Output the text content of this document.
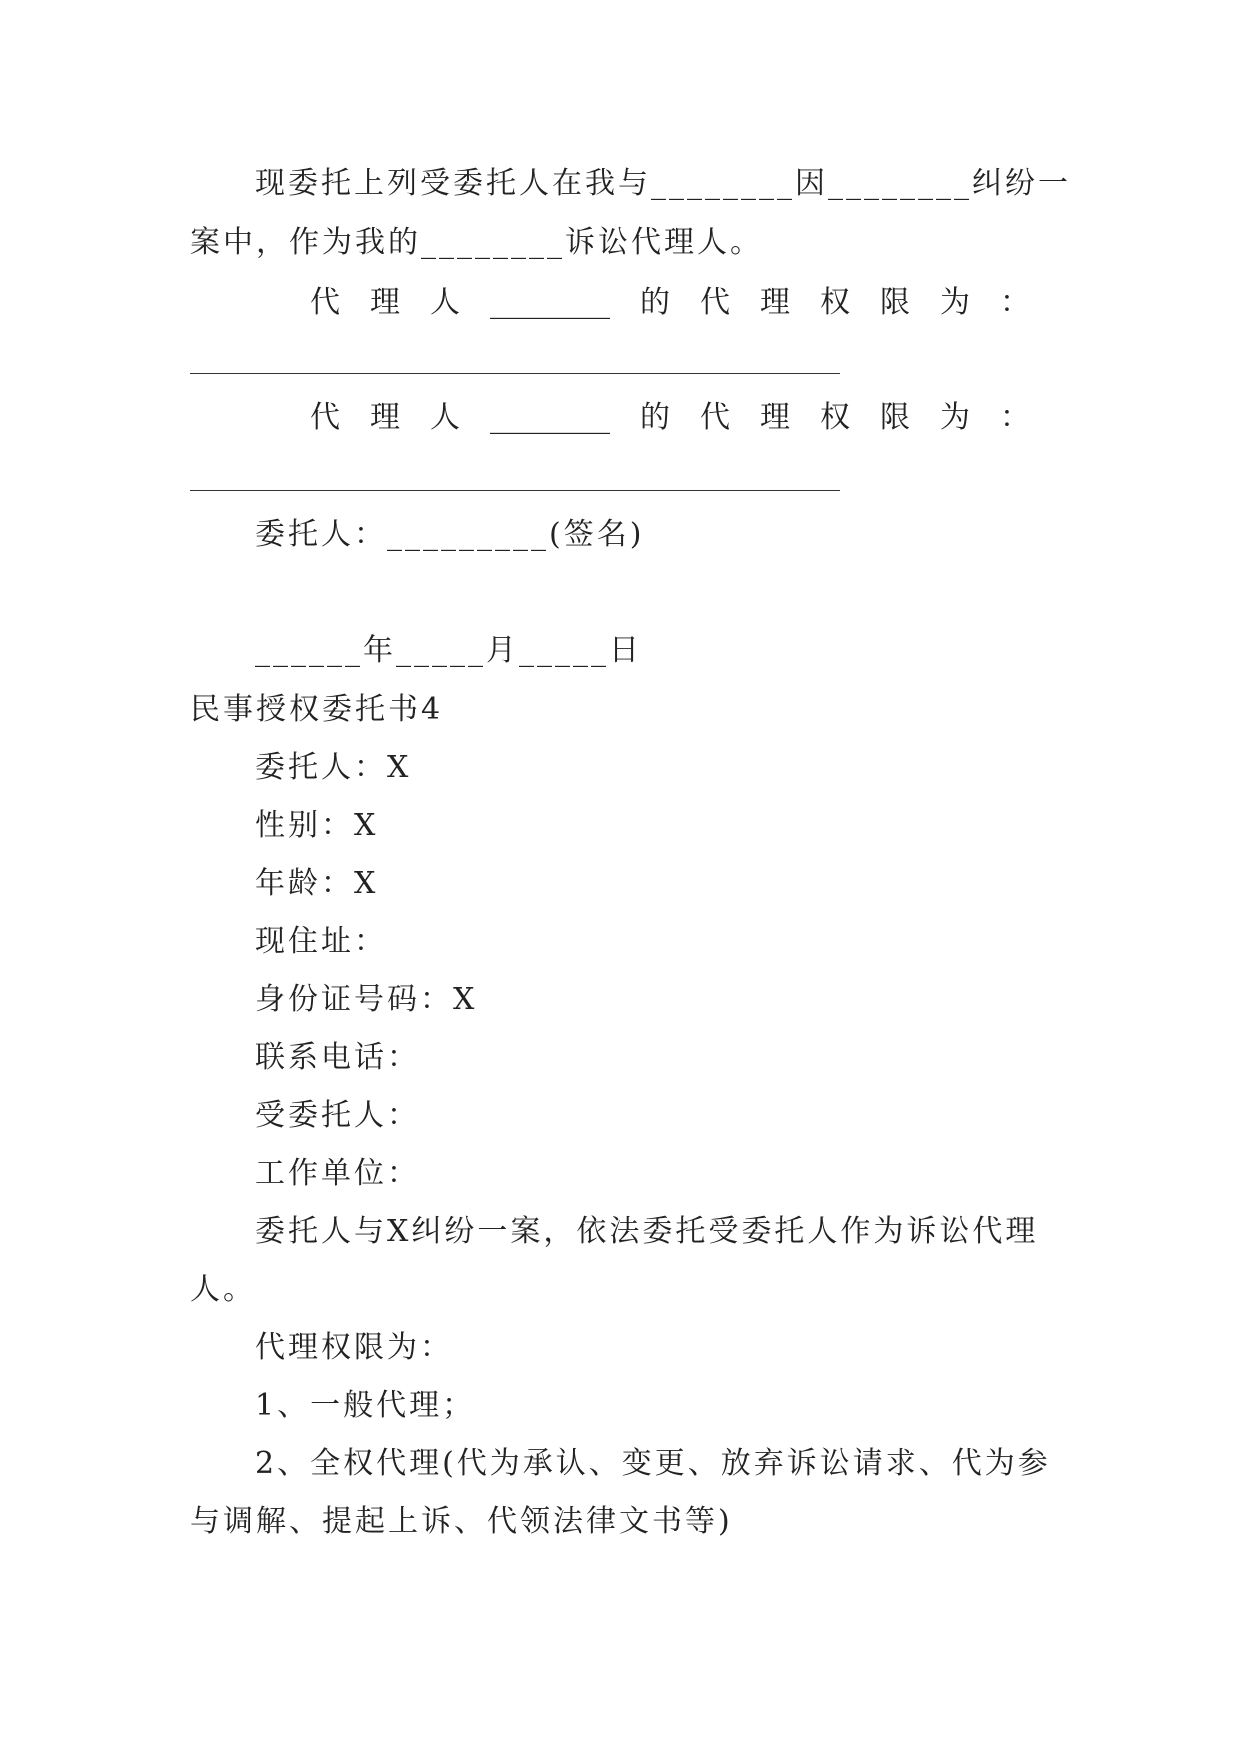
现委托上列受委托人在我与________因________纠纷一
案中，作为我的________诉讼代理人。
代 理 人 ________ 的 代 理 权 限 为 ：
代 理 人 ________ 的 代 理 权 限 为 ：
委托人：_________(签名)
______年_____月_____日
民事授权委托书4
委托人：X
性别：X
年龄：X
现住址：
身份证号码：X
联系电话：
受委托人：
工作单位：
委托人与X纠纷一案，依法委托受委托人作为诉讼代理
人。
代理权限为：
1、一般代理；
2、全权代理(代为承认、变更、放弃诉讼请求、代为参
与调解、提起上诉、代领法律文书等)
